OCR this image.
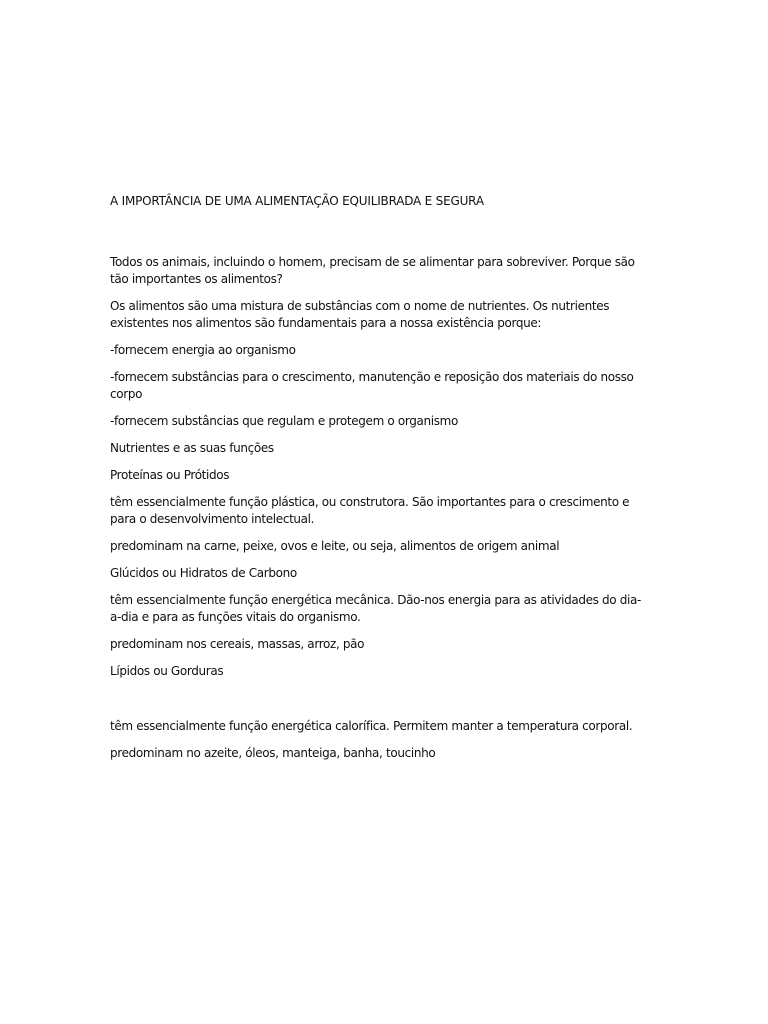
A IMPORTÂNCIA DE UMA ALIMENTAÇÃO EQUILIBRADA E SEGURA

Todos os animais, incluindo o homem, precisam de se alimentar para sobreviver. Porque são tão importantes os alimentos?

Os alimentos são uma mistura de substâncias com o nome de nutrientes. Os nutrientes existentes nos alimentos são fundamentais para a nossa existência porque:

-fornecem energia ao organismo

-fornecem substâncias para o crescimento, manutenção e reposição dos materiais do nosso corpo

-fornecem substâncias que regulam e protegem o organismo

Nutrientes e as suas funções

Proteínas ou Prótidos

têm essencialmente função plástica, ou construtora. São importantes para o crescimento e para o desenvolvimento intelectual.

predominam na carne, peixe, ovos e leite, ou seja, alimentos de origem animal

Glúcidos ou Hidratos de Carbono

têm essencialmente função energética mecânica. Dão-nos energia para as atividades do dia-a-dia e para as funções vitais do organismo.

predominam nos cereais, massas, arroz, pão

Lípidos ou Gorduras

têm essencialmente função energética calorífica. Permitem manter a temperatura corporal.

predominam no azeite, óleos, manteiga, banha, toucinho
